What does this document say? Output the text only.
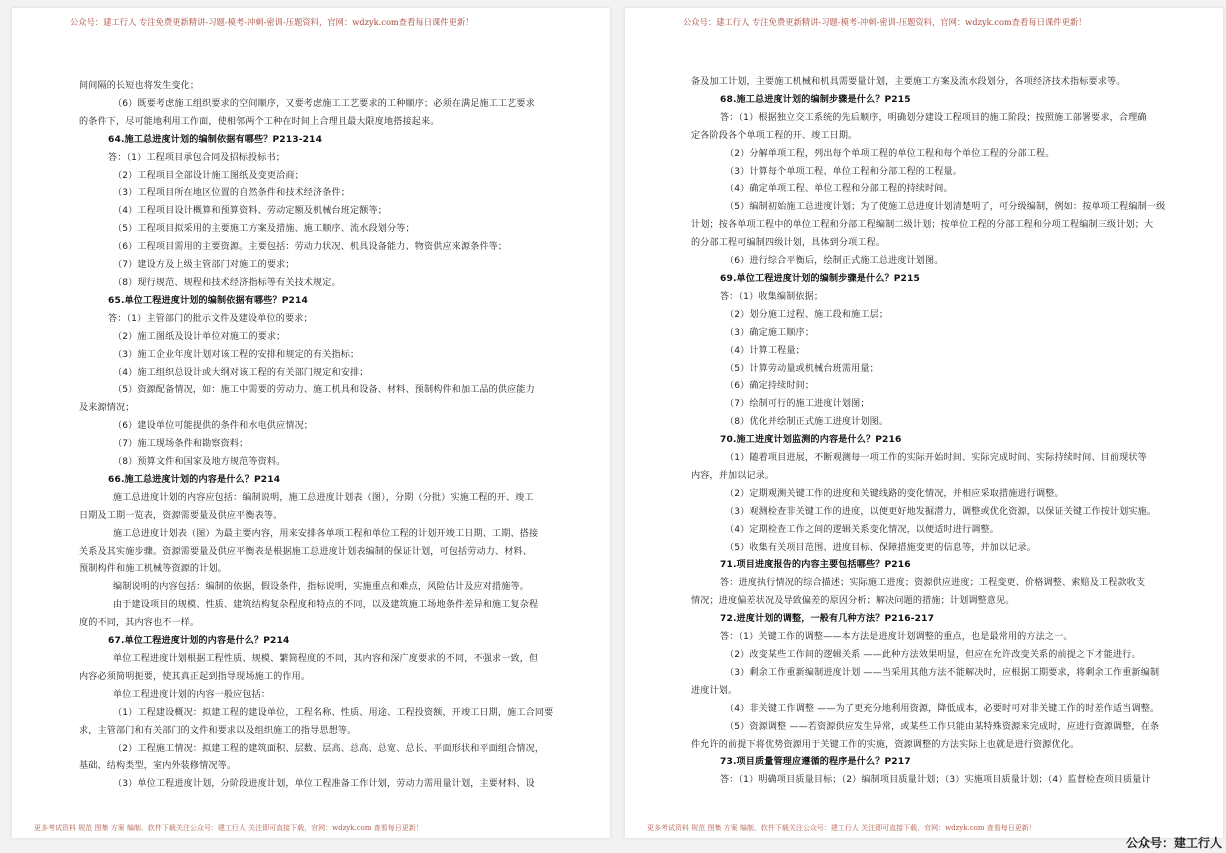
公众号：建工行人 专注免费更新精讲-习题-模考-冲刺-密训-压题资料，官网：wdzyk.com查看每日课件更新！
间间隔的长短也将发生变化；
（6）既要考虑施工组织要求的空间顺序，又要考虑施工工艺要求的工种顺序；必须在满足施工工艺要求
的条件下，尽可能地利用工作面，使相邻两个工种在时间上合理且最大限度地搭接起来。
64.施工总进度计划的编制依据有哪些？P213-214
答：（1）工程项目承包合同及招标投标书；
（2）工程项目全部设计施工图纸及变更洽商；
（3）工程项目所在地区位置的自然条件和技术经济条件；
（4）工程项目设计概算和预算资料、劳动定额及机械台班定额等；
（5）工程项目拟采用的主要施工方案及措施、施工顺序、流水段划分等；
（6）工程项目需用的主要资源。主要包括：劳动力状况、机具设备能力、物资供应来源条件等；
（7）建设方及上级主管部门对施工的要求；
（8）现行规范、规程和技术经济指标等有关技术规定。
65.单位工程进度计划的编制依据有哪些？P214
答：（1）主管部门的批示文件及建设单位的要求；
（2）施工图纸及设计单位对施工的要求；
（3）施工企业年度计划对该工程的安排和规定的有关指标；
（4）施工组织总设计或大纲对该工程的有关部门规定和安排；
（5）资源配备情况，如：施工中需要的劳动力、施工机具和设备、材料、预制构件和加工品的供应能力
及来源情况；
（6）建设单位可能提供的条件和水电供应情况；
（7）施工现场条件和勘察资料；
（8）预算文件和国家及地方规范等资料。
66.施工总进度计划的内容是什么？P214
施工总进度计划的内容应包括：编制说明，施工总进度计划表（图），分期（分批）实施工程的开、竣工
日期及工期一览表，资源需要量及供应平衡表等。
施工总进度计划表（图）为最主要内容，用来安排各单项工程和单位工程的计划开竣工日期、工期、搭接
关系及其实施步骤。资源需要量及供应平衡表是根据施工总进度计划表编制的保证计划，可包括劳动力、材料、
预制构件和施工机械等资源的计划。
编制说明的内容包括：编制的依据，假设条件，指标说明，实施重点和难点，风险估计及应对措施等。
由于建设项目的规模、性质、建筑结构复杂程度和特点的不同，以及建筑施工场地条件差异和施工复杂程
度的不同，其内容也不一样。
67.单位工程进度计划的内容是什么？P214
单位工程进度计划根据工程性质、规模、繁简程度的不同，其内容和深广度要求的不同，不强求一致，但
内容必须简明扼要，使其真正起到指导现场施工的作用。
单位工程进度计划的内容一般应包括：
（1）工程建设概况：拟建工程的建设单位，工程名称、性质、用途、工程投资额，开竣工日期，施工合同要
求，主管部门和有关部门的文件和要求以及组织施工的指导思想等。
（2）工程施工情况：拟建工程的建筑面积、层数、层高、总高、总宽、总长、平面形状和平面组合情况，
基础、结构类型，室内外装修情况等。
（3）单位工程进度计划，分阶段进度计划，单位工程准备工作计划，劳动力需用量计划，主要材料、设
更多考试资料 规范 图集 方案 编制、软件下载关注公众号：建工行人 关注即可直接下载，官网：wdzyk.com 查看每日更新！
公众号：建工行人 专注免费更新精讲-习题-模考-冲刺-密训-压题资料，官网：wdzyk.com查看每日课件更新！
备及加工计划，主要施工机械和机具需要量计划，主要施工方案及流水段划分，各项经济技术指标要求等。
68.施工总进度计划的编制步骤是什么？P215
答：（1）根据独立交工系统的先后顺序，明确划分建设工程项目的施工阶段；按照施工部署要求，合理确
定各阶段各个单项工程的开、竣工日期。
（2）分解单项工程，列出每个单项工程的单位工程和每个单位工程的分部工程。
（3）计算每个单项工程、单位工程和分部工程的工程量。
（4）确定单项工程、单位工程和分部工程的持续时间。
（5）编制初始施工总进度计划；为了使施工总进度计划清楚明了，可分级编制，例如：按单项工程编制一级
计划；按各单项工程中的单位工程和分部工程编制二级计划；按单位工程的分部工程和分项工程编制三级计划；大
的分部工程可编制四级计划，具体到分项工程。
（6）进行综合平衡后，绘制正式施工总进度计划图。
69.单位工程进度计划的编制步骤是什么？P215
答：（1）收集编制依据；
（2）划分施工过程、施工段和施工层；
（3）确定施工顺序；
（4）计算工程量；
（5）计算劳动量或机械台班需用量；
（6）确定持续时间；
（7）绘制可行的施工进度计划图；
（8）优化并绘制正式施工进度计划图。
70.施工进度计划监测的内容是什么？P216
（1）随着项目进展，不断观测每一项工作的实际开始时间、实际完成时间、实际持续时间、目前现状等
内容，并加以记录。
（2）定期观测关键工作的进度和关键线路的变化情况，并相应采取措施进行调整。
（3）观测检查非关键工作的进度，以便更好地发掘潜力，调整或优化资源，以保证关键工作按计划实施。
（4）定期检查工作之间的逻辑关系变化情况，以便适时进行调整。
（5）收集有关项目范围、进度目标、保障措施变更的信息等，并加以记录。
71.项目进度报告的内容主要包括哪些？P216
答：进度执行情况的综合描述；实际施工进度；资源供应进度；工程变更、价格调整、索赔及工程款收支
情况；进度偏差状况及导致偏差的原因分析；解决问题的措施；计划调整意见。
72.进度计划的调整，一般有几种方法？P216-217
答：（1）关键工作的调整——本方法是进度计划调整的重点，也是最常用的方法之一。
（2）改变某些工作间的逻辑关系 ——此种方法效果明显，但应在允许改变关系的前提之下才能进行。
（3）剩余工作重新编制进度计划 ——当采用其他方法不能解决时，应根据工期要求，将剩余工作重新编制
进度计划。
（4）非关键工作调整 ——为了更充分地利用资源，降低成本，必要时可对非关键工作的时差作适当调整。
（5）资源调整 ——若资源供应发生异常，或某些工作只能由某特殊资源来完成时，应进行资源调整，在条
件允许的前提下将优势资源用于关键工作的实施，资源调整的方法实际上也就是进行资源优化。
73.项目质量管理应遵循的程序是什么？P217
答：（1）明确项目质量目标；（2）编制项目质量计划；（3）实施项目质量计划；（4）监督检查项目质量计
更多考试资料 规范 图集 方案 编制、软件下载关注公众号：建工行人 关注即可直接下载，官网：wdzyk.com 查看每日更新！
公众号：建工行人
